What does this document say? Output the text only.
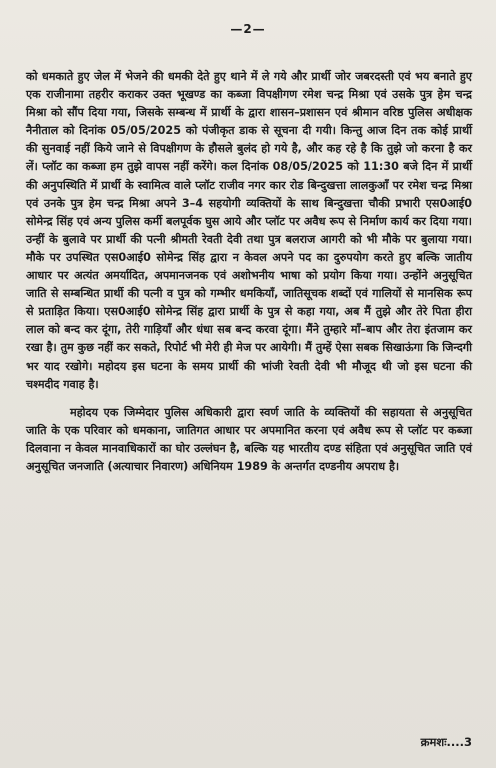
—2—

को धमकाते हुए जेल में भेजने की धमकी देते हुए थाने में ले गये और प्रार्थी जोर जबरदस्ती एवं भय बनाते हुए एक राजीनामा तहरीर कराकर उक्त भूखण्ड का कब्जा विपक्षीगण रमेश चन्द्र मिश्रा एवं उसके पुत्र हेम चन्द्र मिश्रा को सौंप दिया गया, जिसके सम्बन्ध में प्रार्थी के द्वारा शासन–प्रशासन एवं श्रीमान वरिष्ठ पुलिस अधीक्षक नैनीताल को दिनांक 05/05/2025 को पंजीकृत डाक से सूचना दी गयी। किन्तु आज दिन तक कोई प्रार्थी की सुनवाई नहीं किये जाने से विपक्षीगण के हौसले बुलंद हो गये है, और कह रहे है कि तुझे जो करना है कर लें। प्लॉट का कब्जा हम तुझे वापस नहीं करेंगे। कल दिनांक 08/05/2025 को 11:30 बजे दिन में प्रार्थी की अनुपस्थिति में प्रार्थी के स्वामित्व वाले प्लॉट राजीव नगर कार रोड बिन्दुखत्ता लालकुआँ पर रमेश चन्द्र मिश्रा एवं उनके पुत्र हेम चन्द्र मिश्रा अपने 3–4 सहयोगी व्यक्तियों के साथ बिन्दुखत्ता चौकी प्रभारी एस0आई0 सोमेन्द्र सिंह एवं अन्य पुलिस कर्मी बलपूर्वक घुस आये और प्लॉट पर अवैध रूप से निर्माण कार्य कर दिया गया। उन्हीं के बुलावे पर प्रार्थी की पत्नी श्रीमती रेवती देवी तथा पुत्र बलराज आगरी को भी मौके पर बुलाया गया। मौके पर उपस्थित एस0आई0 सोमेन्द्र सिंह द्वारा न केवल अपने पद का दुरुपयोग करते हुए बल्कि जातीय आधार पर अत्यंत अमर्यादित, अपमानजनक एवं अशोभनीय भाषा को प्रयोग किया गया। उन्होंने अनुसूचित जाति से सम्बन्धित प्रार्थी की पत्नी व पुत्र को गम्भीर धमकियाँ, जातिसूचक शब्दों एवं गालियों से मानसिक रूप से प्रताड़ित किया। एस0आई0 सोमेन्द्र सिंह द्वारा प्रार्थी के पुत्र से कहा गया, अब मैं तुझे और तेरे पिता हीरा लाल को बन्द कर दूंगा, तेरी गाड़ियाँ और धंधा सब बन्द करवा दूंगा। मैंने तुम्हारे माँ–बाप और तेरा इंतजाम कर रखा है। तुम कुछ नहीं कर सकते, रिपोर्ट भी मेरी ही मेज पर आयेगी। मैं तुम्हें ऐसा सबक सिखाऊंगा कि जिन्दगी भर याद रखोगे। महोदय इस घटना के समय प्रार्थी की भांजी रेवती देवी भी मौजूद थी जो इस घटना की चश्मदीद गवाह है।

महोदय एक जिम्मेदार पुलिस अधिकारी द्वारा स्वर्ण जाति के व्यक्तियों की सहायता से अनुसूचित जाति के एक परिवार को धमकाना, जातिगत आधार पर अपमानित करना एवं अवैध रूप से प्लॉट पर कब्जा दिलवाना न केवल मानवाधिकारों का घोर उल्लंघन है, बल्कि यह भारतीय दण्ड संहिता एवं अनुसूचित जाति एवं अनुसूचित जनजाति (अत्याचार निवारण) अधिनियम 1989 के अन्तर्गत दण्डनीय अपराध है।

क्रमशः....3
